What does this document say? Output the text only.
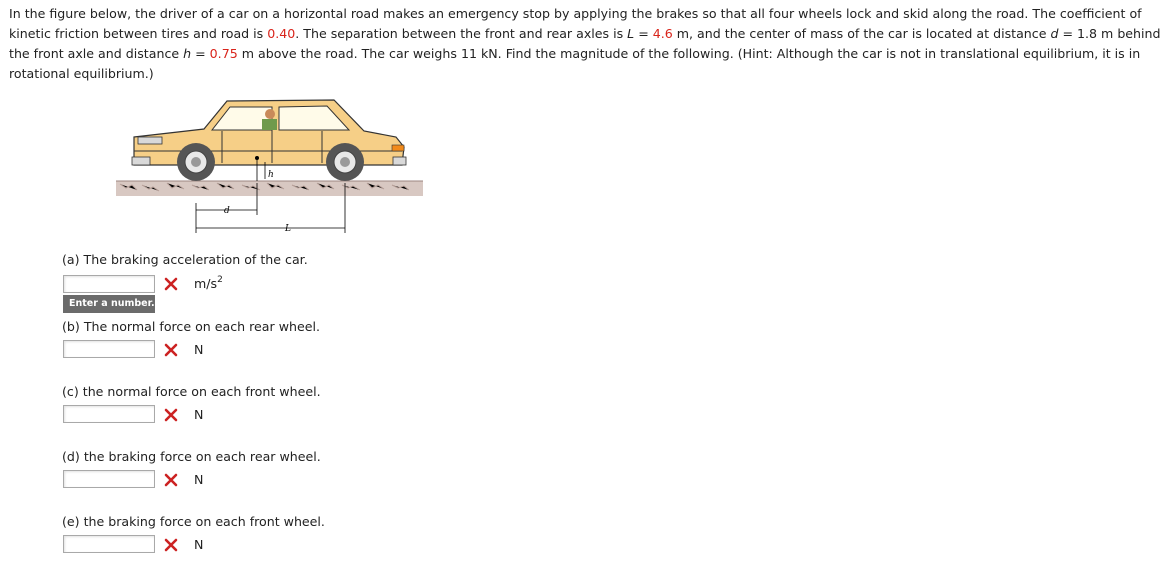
In the figure below, the driver of a car on a horizontal road makes an emergency stop by applying the brakes so that all four wheels lock and skid along the road. The coefficient of kinetic friction between tires and road is 0.40. The separation between the front and rear axles is L = 4.6 m, and the center of mass of the car is located at distance d = 1.8 m behind the front axle and distance h = 0.75 m above the road. The car weighs 11 kN. Find the magnitude of the following. (Hint: Although the car is not in translational equilibrium, it is in rotational equilibrium.)
h
d
L
(a) The braking acceleration of the car.
$m/s^2$
Enter a number.
(b) The normal force on each rear wheel.
N
(c) the normal force on each front wheel.
N
(d) the braking force on each rear wheel.
N
(e) the braking force on each front wheel.
N
